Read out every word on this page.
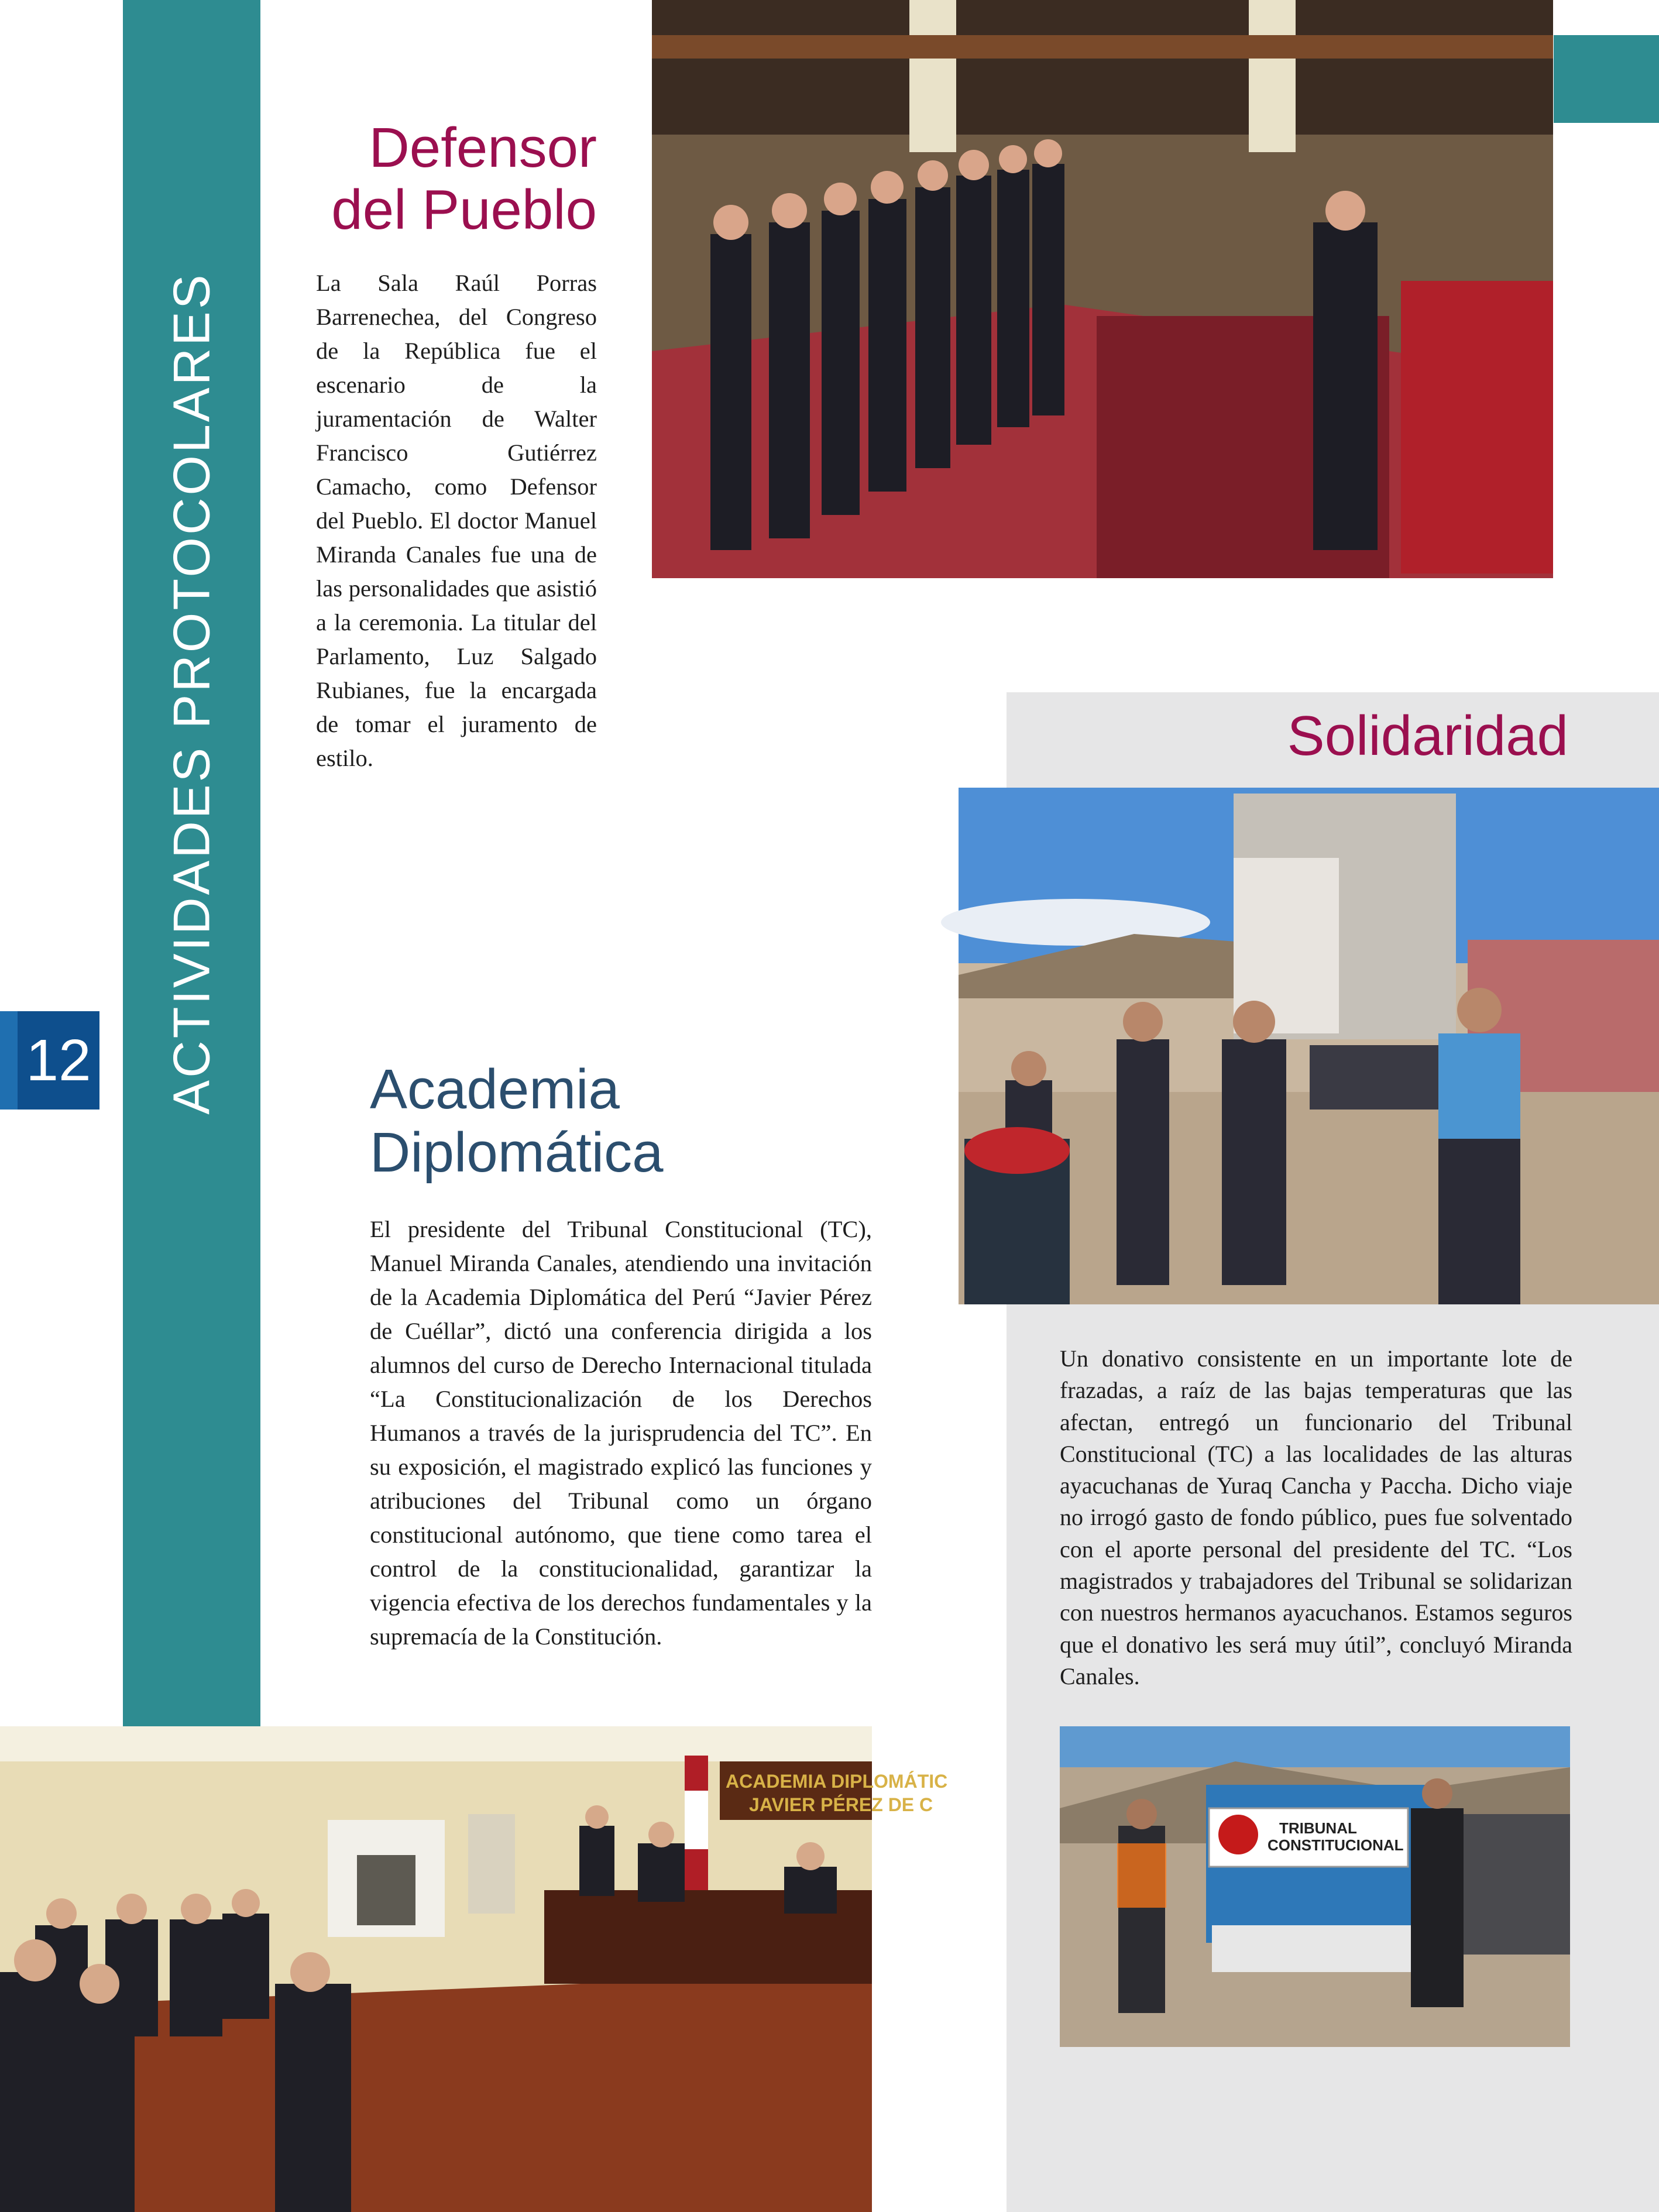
ACTIVIDADES PROTOCOLARES
12
Defensor
del Pueblo

La Sala Raúl Porras Barrenechea, del Congreso de la República fue el escenario de la juramentación de Walter Francisco Gutiérrez Camacho, como Defensor del Pueblo. El doctor Manuel Miranda Canales fue una de las personalidades que asistió a la ceremonia. La titular del Parlamento, Luz Salgado Rubianes, fue la encargada de tomar el juramento de estilo.	Solidaridad

Un donativo consistente en un importante lote de frazadas, a raíz de las bajas temperaturas que las afectan, entregó un funcionario del Tribunal Constitucional (TC) a las localidades de las alturas ayacuchanas de Yuraq Cancha y Paccha. Dicho viaje no irrogó gasto de fondo público, pues fue solventado con el aporte personal del presidente del TC. “Los magistrados y trabajadores del Tribunal se solidarizan con nuestros hermanos ayacuchanos. Estamos seguros que el donativo les será muy útil”, concluyó Miranda Canales.

TRIBUNAL
CONSTITUCIONAL
Academia
Diplomática

El presidente del Tribunal Constitucional (TC), Manuel Miranda Canales, atendiendo una invitación de la Academia Diplomática del Perú “Javier Pérez de Cuéllar”, dictó una conferencia dirigida a los alumnos del curso de Derecho Internacional titulada “La Constitucionalización de los Derechos Humanos a través de la jurisprudencia del TC”. En su exposición, el magistrado explicó las funciones y atribuciones del Tribunal como un órgano constitucional autónomo, que tiene como tarea el control de la constitucionalidad, garantizar la vigencia efectiva de los derechos fundamentales y la supremacía de la Constitución.

ACADEMIA DIPLOMÁTIC
JAVIER PÉREZ DE C
